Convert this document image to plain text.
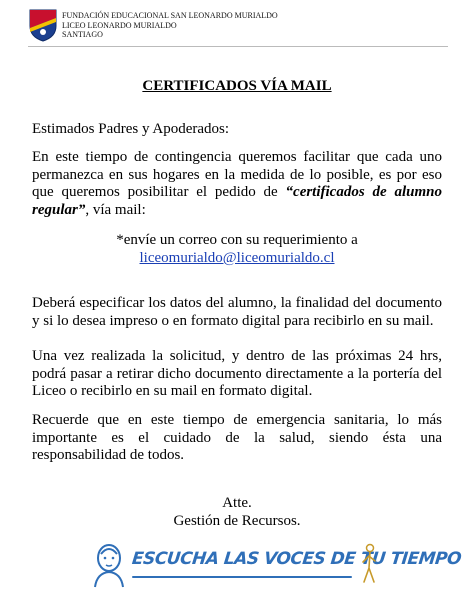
FUNDACIÓN EDUCACIONAL SAN LEONARDO MURIALDO
LICEO LEONARDO MURIALDO
SANTIAGO
CERTIFICADOS VÍA MAIL
Estimados Padres y Apoderados:
En este tiempo de contingencia queremos facilitar que cada uno permanezca en sus hogares en la medida de lo posible, es por eso que queremos posibilitar el pedido de “certificados de alumno regular”, vía mail:
*envíe un correo con su requerimiento a
liceomurialdo@liceomurialdo.cl
Deberá especificar los datos del alumno, la finalidad del documento y si lo desea impreso o en formato digital para recibirlo en su mail.
Una vez realizada la solicitud, y dentro de las próximas 24 hrs, podrá pasar a retirar dicho documento directamente a la portería del Liceo o recibirlo en su mail en formato digital.
Recuerde que en este tiempo de emergencia sanitaria, lo más importante es el cuidado de la salud, siendo ésta una responsabilidad de todos.
Atte.
Gestión de Recursos.
ESCUCHA LAS VOCES DE TU TIEMPO
